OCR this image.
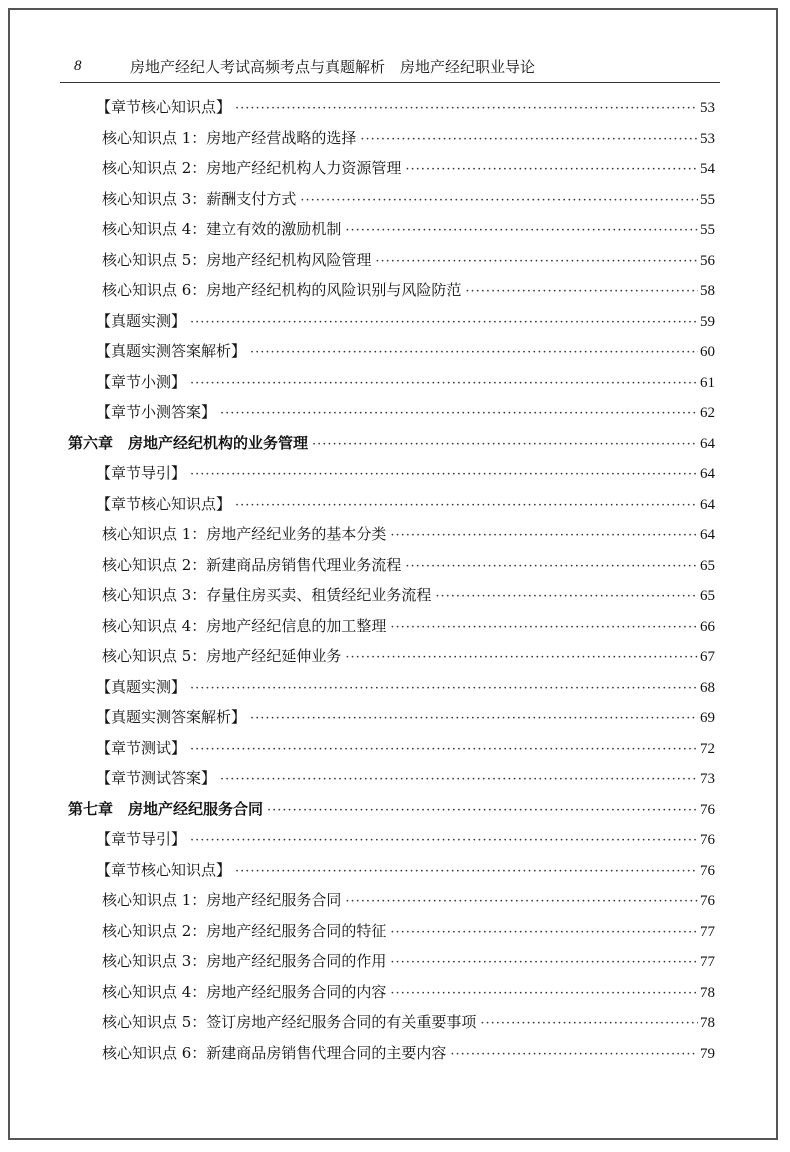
8	房地产经纪人考试高频考点与真题解析　房地产经纪职业导论
【章节核心知识点】 ·····	53
核心知识点 1：房地产经营战略的选择 ·····	53
核心知识点 2：房地产经纪机构人力资源管理 ·····	54
核心知识点 3：薪酬支付方式 ·····	55
核心知识点 4：建立有效的激励机制 ·····	55
核心知识点 5：房地产经纪机构风险管理 ·····	56
核心知识点 6：房地产经纪机构的风险识别与风险防范 ·····	58
【真题实测】 ·····	59
【真题实测答案解析】 ·····	60
【章节小测】 ·····	61
【章节小测答案】 ·····	62
第六章　房地产经纪机构的业务管理 ·····	64
【章节导引】 ·····	64
【章节核心知识点】 ·····	64
核心知识点 1：房地产经纪业务的基本分类 ·····	64
核心知识点 2：新建商品房销售代理业务流程 ·····	65
核心知识点 3：存量住房买卖、租赁经纪业务流程 ·····	65
核心知识点 4：房地产经纪信息的加工整理 ·····	66
核心知识点 5：房地产经纪延伸业务 ·····	67
【真题实测】 ·····	68
【真题实测答案解析】 ·····	69
【章节测试】 ·····	72
【章节测试答案】 ·····	73
第七章　房地产经纪服务合同 ·····	76
【章节导引】 ·····	76
【章节核心知识点】 ·····	76
核心知识点 1：房地产经纪服务合同 ·····	76
核心知识点 2：房地产经纪服务合同的特征 ·····	77
核心知识点 3：房地产经纪服务合同的作用 ·····	77
核心知识点 4：房地产经纪服务合同的内容 ·····	78
核心知识点 5：签订房地产经纪服务合同的有关重要事项 ·····	78
核心知识点 6：新建商品房销售代理合同的主要内容 ·····	79
